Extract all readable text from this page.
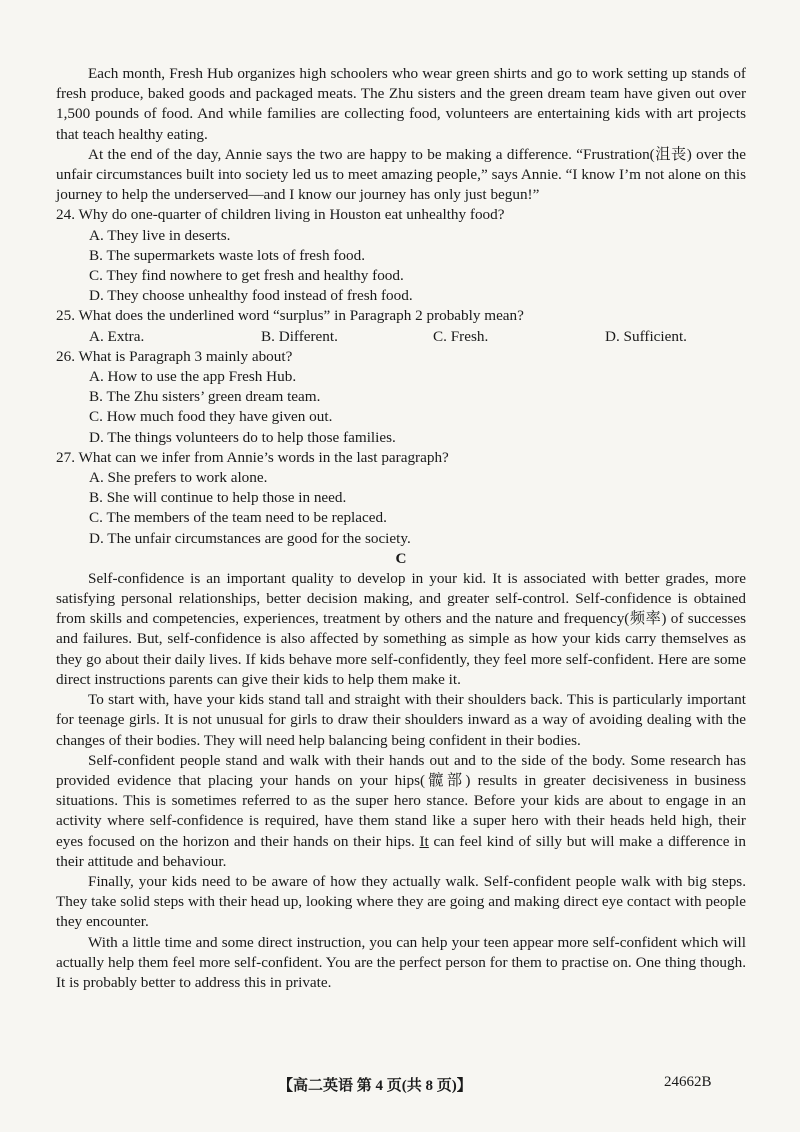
Each month, Fresh Hub organizes high schoolers who wear green shirts and go to work setting up stands of fresh produce, baked goods and packaged meats. The Zhu sisters and the green dream team have given out over 1,500 pounds of food. And while families are collecting food, volunteers are entertaining kids with art projects that teach healthy eating.

At the end of the day, Annie says the two are happy to be making a difference. “Frustration(沮丧) over the unfair circumstances built into society led us to meet amazing people,” says Annie. “I know I’m not alone on this journey to help the underserved—and I know our journey has only just begun!”

24. Why do one-quarter of children living in Houston eat unhealthy food?
A. They live in deserts.
B. The supermarkets waste lots of fresh food.
C. They find nowhere to get fresh and healthy food.
D. They choose unhealthy food instead of fresh food.
25. What does the underlined word “surplus” in Paragraph 2 probably mean?
A. Extra.	B. Different.	C. Fresh.	D. Sufficient.
26. What is Paragraph 3 mainly about?
A. How to use the app Fresh Hub.
B. The Zhu sisters’ green dream team.
C. How much food they have given out.
D. The things volunteers do to help those families.
27. What can we infer from Annie’s words in the last paragraph?
A. She prefers to work alone.
B. She will continue to help those in need.
C. The members of the team need to be replaced.
D. The unfair circumstances are good for the society.
C

Self-confidence is an important quality to develop in your kid. It is associated with better grades, more satisfying personal relationships, better decision making, and greater self-control. Self-confidence is obtained from skills and competencies, experiences, treatment by others and the nature and frequency(频率) of successes and failures. But, self-confidence is also affected by something as simple as how your kids carry themselves as they go about their daily lives. If kids behave more self-confidently, they feel more self-confident. Here are some direct instructions parents can give their kids to help them make it.

To start with, have your kids stand tall and straight with their shoulders back. This is particularly important for teenage girls. It is not unusual for girls to draw their shoulders inward as a way of avoiding dealing with the changes of their bodies. They will need help balancing being confident in their bodies.

Self-confident people stand and walk with their hands out and to the side of the body. Some research has provided evidence that placing your hands on your hips(髋部) results in greater decisiveness in business situations. This is sometimes referred to as the super hero stance. Before your kids are about to engage in an activity where self-confidence is required, have them stand like a super hero with their heads held high, their eyes focused on the horizon and their hands on their hips. It can feel kind of silly but will make a difference in their attitude and behaviour.

Finally, your kids need to be aware of how they actually walk. Self-confident people walk with big steps. They take solid steps with their head up, looking where they are going and making direct eye contact with people they encounter.

With a little time and some direct instruction, you can help your teen appear more self-confident which will actually help them feel more self-confident. You are the perfect person for them to practise on. One thing though. It is probably better to address this in private.

【高二英语 第 4 页(共 8 页)】	24662B
